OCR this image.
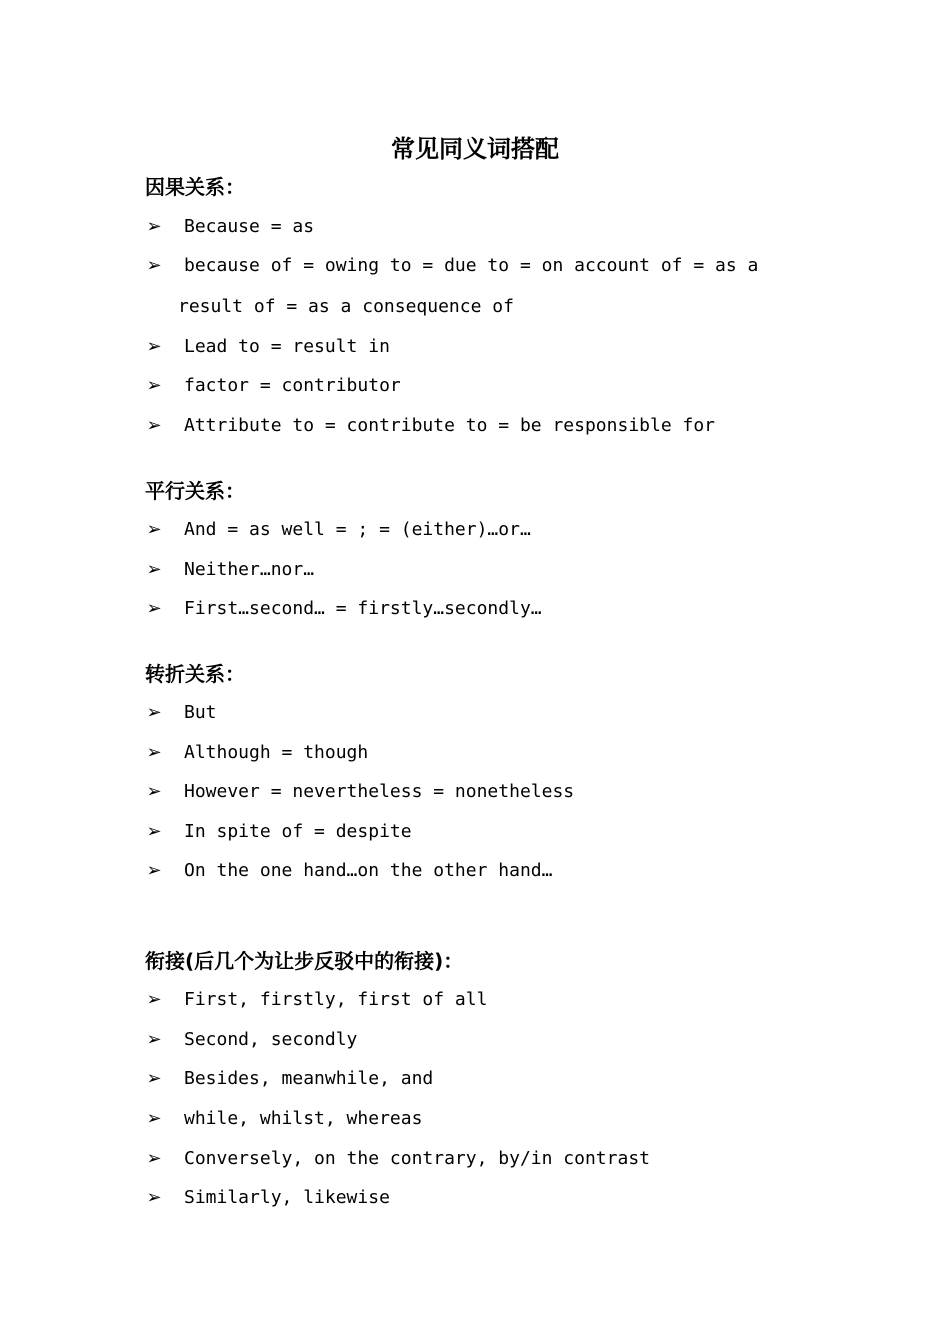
常见同义词搭配
因果关系：
➢ Because = as
➢ because of = owing to = due to = on account of = as a
result of = as a consequence of
➢ Lead to = result in
➢ factor = contributor
➢ Attribute to = contribute to = be responsible for
平行关系：
➢ And = as well = ; = (either)…or…
➢ Neither…nor…
➢ First…second… = firstly…secondly…
转折关系：
➢ But
➢ Although = though
➢ However = nevertheless = nonetheless
➢ In spite of = despite
➢ On the one hand…on the other hand…
衔接(后几个为让步反驳中的衔接)：
➢ First, firstly, first of all
➢ Second, secondly
➢ Besides, meanwhile, and
➢ while, whilst, whereas
➢ Conversely, on the contrary, by/in contrast
➢ Similarly, likewise
